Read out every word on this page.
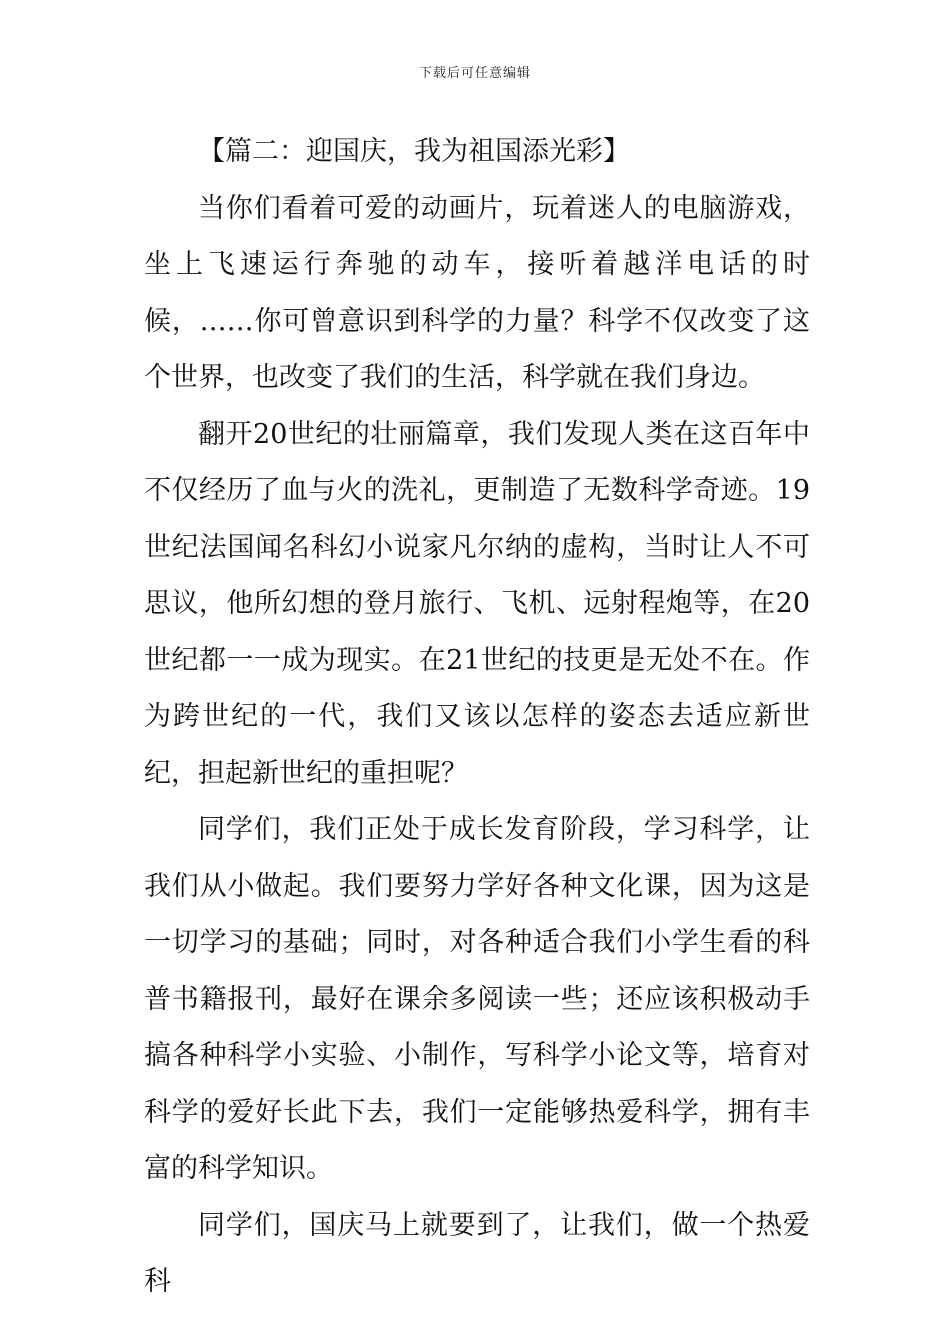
下载后可任意编辑

【篇二：迎国庆，我为祖国添光彩】

当你们看着可爱的动画片，玩着迷人的电脑游戏，坐上飞速运行奔驰的动车，接听着越洋电话的时候，……你可曾意识到科学的力量？科学不仅改变了这个世界，也改变了我们的生活，科学就在我们身边。

翻开20世纪的壮丽篇章，我们发现人类在这百年中不仅经历了血与火的洗礼，更制造了无数科学奇迹。19世纪法国闻名科幻小说家凡尔纳的虚构，当时让人不可思议，他所幻想的登月旅行、飞机、远射程炮等，在20世纪都一一成为现实。在21世纪的技更是无处不在。作为跨世纪的一代，我们又该以怎样的姿态去适应新世纪，担起新世纪的重担呢？

同学们，我们正处于成长发育阶段，学习科学，让我们从小做起。我们要努力学好各种文化课，因为这是一切学习的基础；同时，对各种适合我们小学生看的科普书籍报刊，最好在课余多阅读一些；还应该积极动手搞各种科学小实验、小制作，写科学小论文等，培育对科学的爱好长此下去，我们一定能够热爱科学，拥有丰富的科学知识。

同学们，国庆马上就要到了，让我们，做一个热爱科
